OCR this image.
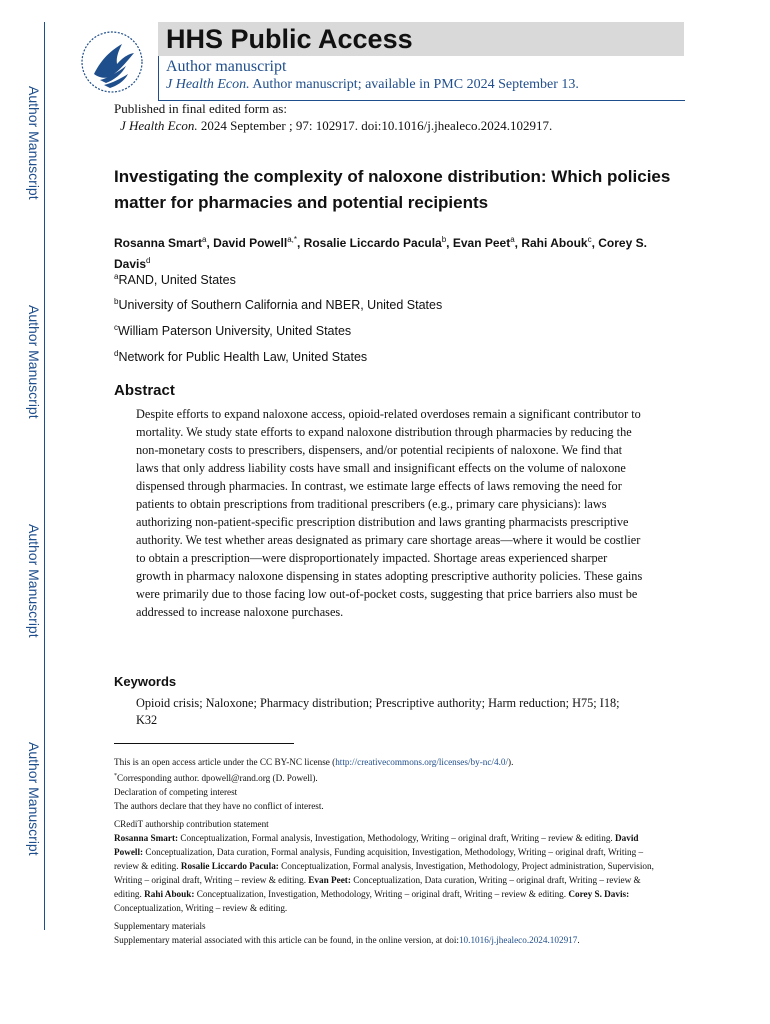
Author Manuscript
Author Manuscript
Author Manuscript
Author Manuscript
HHS Public Access
Author manuscript
J Health Econ. Author manuscript; available in PMC 2024 September 13.
Published in final edited form as:
J Health Econ. 2024 September ; 97: 102917. doi:10.1016/j.jhealeco.2024.102917.
Investigating the complexity of naloxone distribution: Which policies matter for pharmacies and potential recipients
Rosanna Smart$^a$, David Powell$^{a,*}$, Rosalie Liccardo Pacula$^b$, Evan Peet$^a$, Rahi Abouk$^c$, Corey S. Davis$^d$
$^a$RAND, United States
$^b$University of Southern California and NBER, United States
$^c$William Paterson University, United States
$^d$Network for Public Health Law, United States
Abstract
Despite efforts to expand naloxone access, opioid-related overdoses remain a significant contributor to mortality. We study state efforts to expand naloxone distribution through pharmacies by reducing the non-monetary costs to prescribers, dispensers, and/or potential recipients of naloxone. We find that laws that only address liability costs have small and insignificant effects on the volume of naloxone dispensed through pharmacies. In contrast, we estimate large effects of laws removing the need for patients to obtain prescriptions from traditional prescribers (e.g., primary care physicians): laws authorizing non-patient-specific prescription distribution and laws granting pharmacists prescriptive authority. We test whether areas designated as primary care shortage areas—where it would be costlier to obtain a prescription—were disproportionately impacted. Shortage areas experienced sharper growth in pharmacy naloxone dispensing in states adopting prescriptive authority policies. These gains were primarily due to those facing low out-of-pocket costs, suggesting that price barriers also must be addressed to increase naloxone purchases.
Keywords
Opioid crisis; Naloxone; Pharmacy distribution; Prescriptive authority; Harm reduction; H75; I18; K32

This is an open access article under the CC BY-NC license (http://creativecommons.org/licenses/by-nc/4.0/).

*Corresponding author. dpowell@rand.org (D. Powell).

Declaration of competing interest

The authors declare that they have no conflict of interest.

CRediT authorship contribution statement

Rosanna Smart: Conceptualization, Formal analysis, Investigation, Methodology, Writing – original draft, Writing – review & editing. David Powell: Conceptualization, Data curation, Formal analysis, Funding acquisition, Investigation, Methodology, Writing – original draft, Writing – review & editing. Rosalie Liccardo Pacula: Conceptualization, Formal analysis, Investigation, Methodology, Project administration, Supervision, Writing – original draft, Writing – review & editing. Evan Peet: Conceptualization, Data curation, Writing – original draft, Writing – review & editing. Rahi Abouk: Conceptualization, Investigation, Methodology, Writing – original draft, Writing – review & editing. Corey S. Davis: Conceptualization, Writing – review & editing.

Supplementary materials

Supplementary material associated with this article can be found, in the online version, at doi:10.1016/j.jhealeco.2024.102917.
